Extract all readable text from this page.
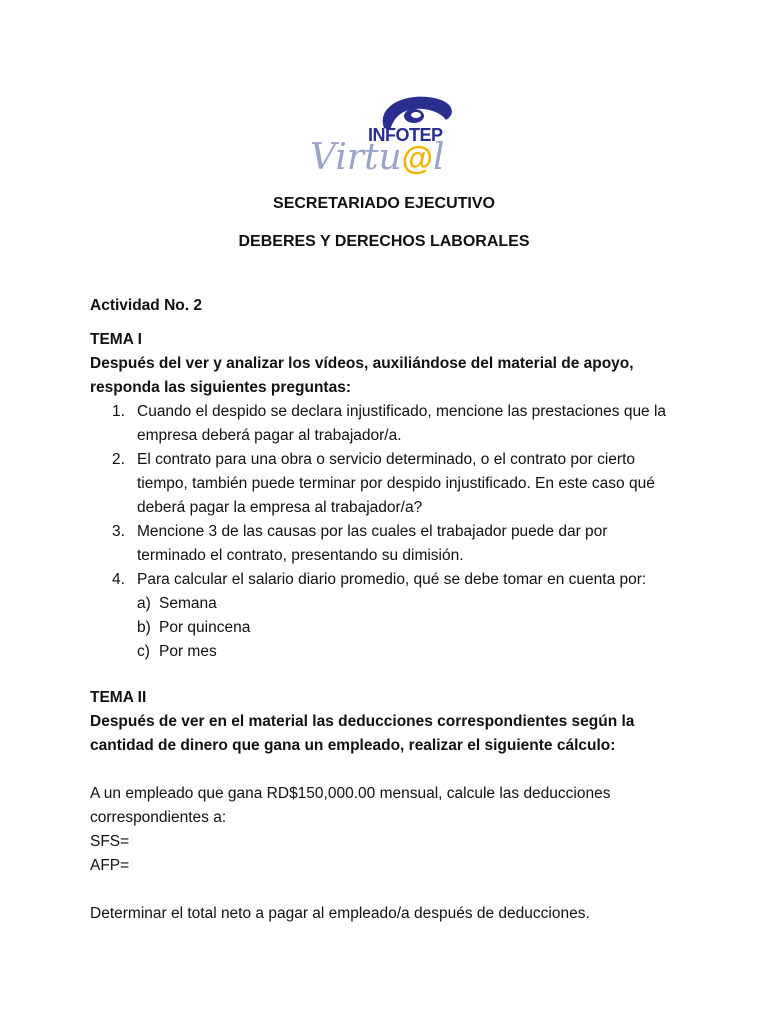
INFOTEP
Virtu@l
SECRETARIADO EJECUTIVO
DEBERES Y DERECHOS LABORALES
Actividad No. 2
TEMA I
Después del ver y analizar los vídeos, auxiliándose del material de apoyo, responda las siguientes preguntas:
1. Cuando el despido se declara injustificado, mencione las prestaciones que la empresa deberá pagar al trabajador/a.
2. El contrato para una obra o servicio determinado, o el contrato por cierto tiempo, también puede terminar por despido injustificado. En este caso qué deberá pagar la empresa al trabajador/a?
3. Mencione 3 de las causas por las cuales el trabajador puede dar por terminado el contrato, presentando su dimisión.
4. Para calcular el salario diario promedio, qué se debe tomar en cuenta por:
a) Semana
b) Por quincena
c) Por mes
TEMA II
Después de ver en el material las deducciones correspondientes según la cantidad de dinero que gana un empleado, realizar el siguiente cálculo:
A un empleado que gana RD$150,000.00 mensual, calcule las deducciones correspondientes a:
SFS=
AFP=
Determinar el total neto a pagar al empleado/a después de deducciones.
